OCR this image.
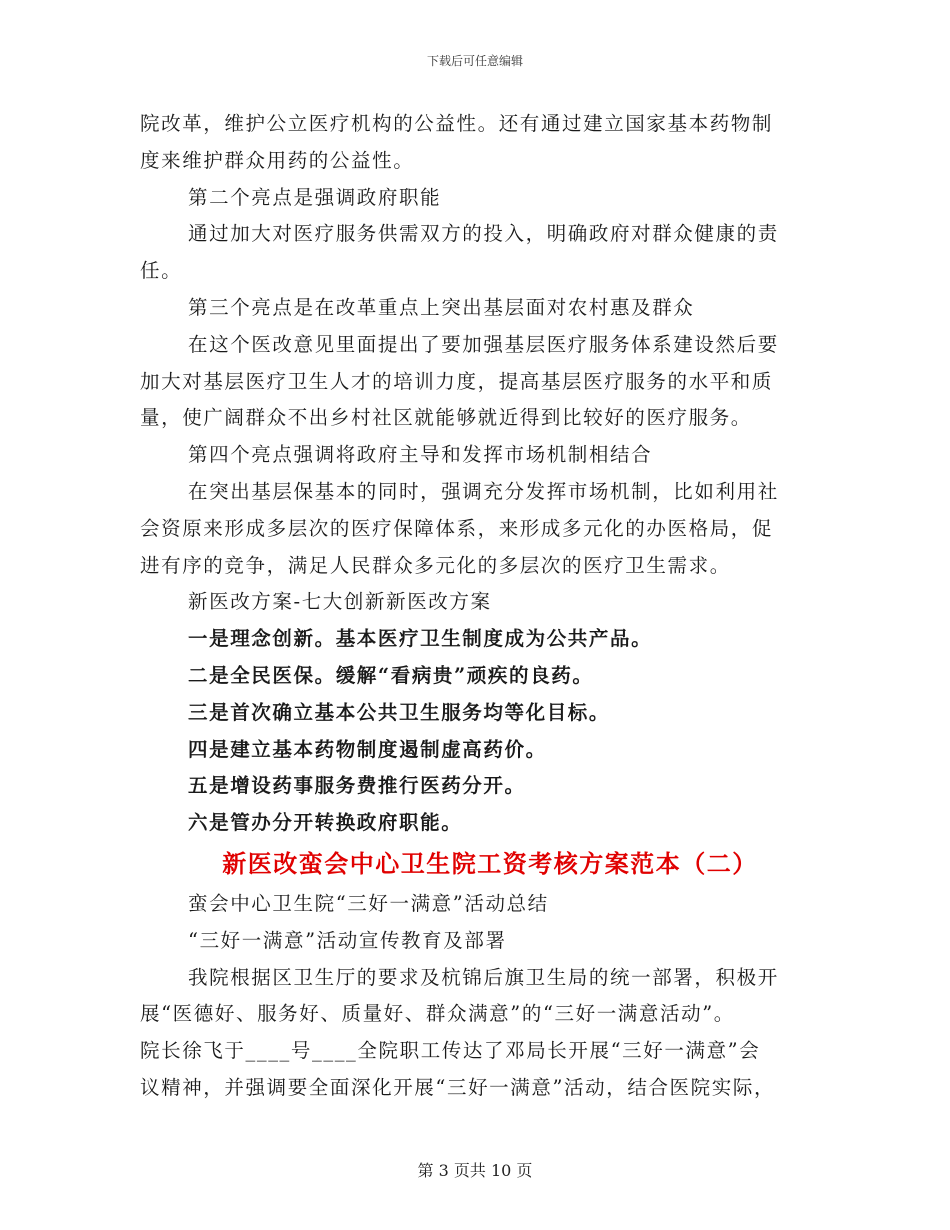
下载后可任意编辑
院改革，维护公立医疗机构的公益性。还有通过建立国家基本药物制
度来维护群众用药的公益性。
第二个亮点是强调政府职能
通过加大对医疗服务供需双方的投入，明确政府对群众健康的责
任。
第三个亮点是在改革重点上突出基层面对农村惠及群众
在这个医改意见里面提出了要加强基层医疗服务体系建设然后要
加大对基层医疗卫生人才的培训力度，提高基层医疗服务的水平和质
量，使广阔群众不出乡村社区就能够就近得到比较好的医疗服务。
第四个亮点强调将政府主导和发挥市场机制相结合
在突出基层保基本的同时，强调充分发挥市场机制，比如利用社
会资原来形成多层次的医疗保障体系，来形成多元化的办医格局，促
进有序的竞争，满足人民群众多元化的多层次的医疗卫生需求。
新医改方案-七大创新新医改方案
一是理念创新。基本医疗卫生制度成为公共产品。
二是全民医保。缓解“看病贵”顽疾的良药。
三是首次确立基本公共卫生服务均等化目标。
四是建立基本药物制度遏制虚高药价。
五是增设药事服务费推行医药分开。
六是管办分开转换政府职能。
新医改蛮会中心卫生院工资考核方案范本（二）
蛮会中心卫生院“三好一满意”活动总结
“三好一满意”活动宣传教育及部署
我院根据区卫生厅的要求及杭锦后旗卫生局的统一部署，积极开
展“医德好、服务好、质量好、群众满意”的“三好一满意活动”。
院长徐飞于____号____全院职工传达了邓局长开展“三好一满意”会
议精神，并强调要全面深化开展“三好一满意”活动，结合医院实际，
第 3 页共 10 页
